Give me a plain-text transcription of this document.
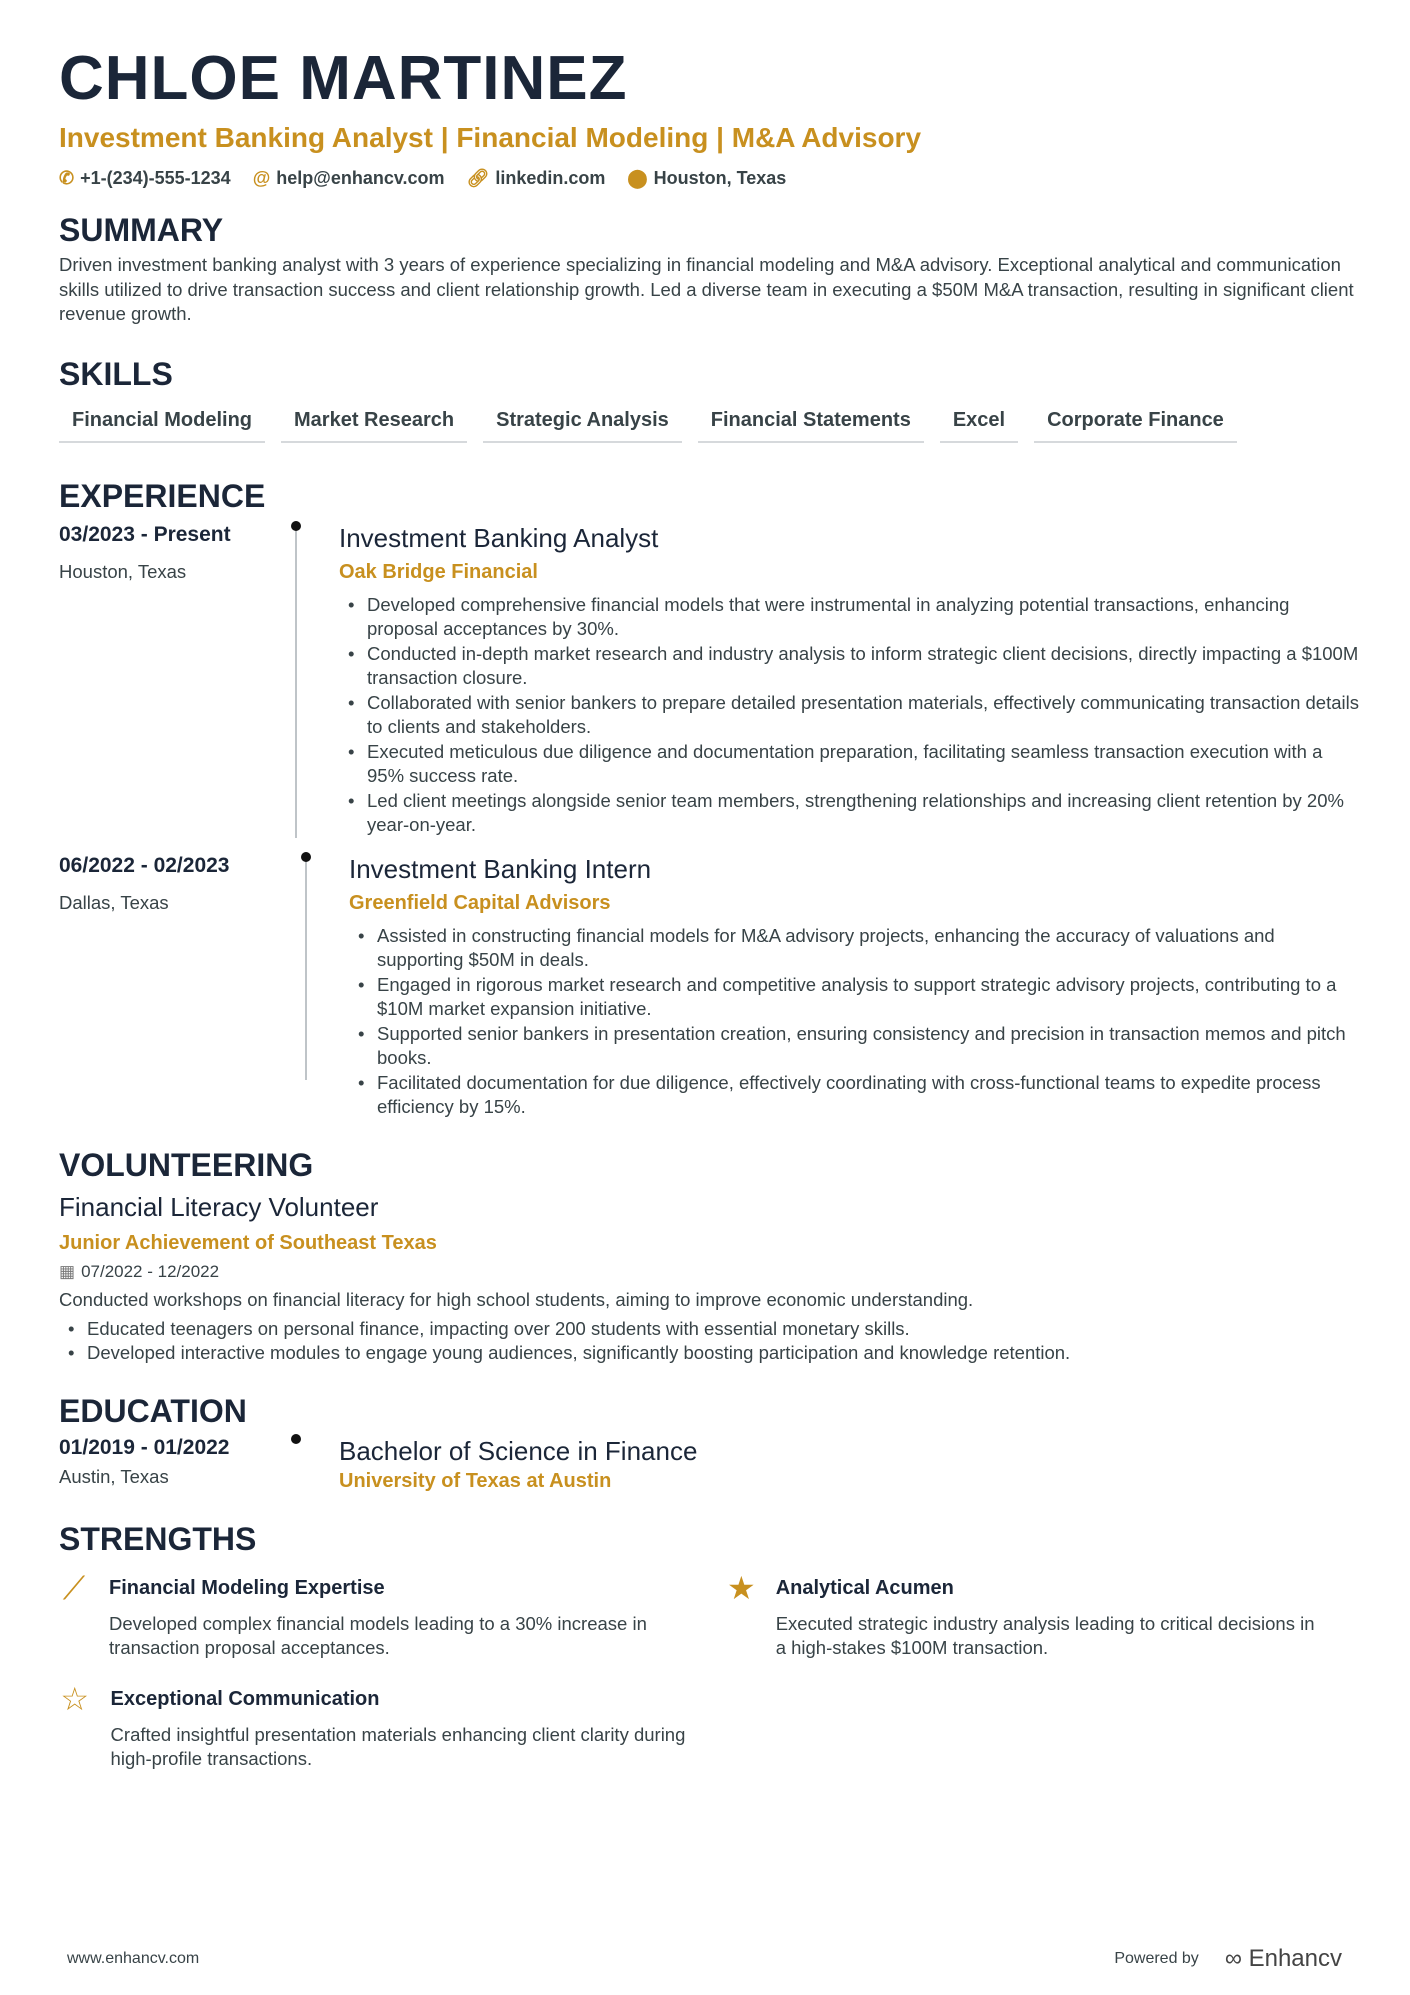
CHLOE MARTINEZ
Investment Banking Analyst | Financial Modeling | M&A Advisory
✆ +1-(234)-555-1234 @ help@enhancv.com 🔗︎ linkedin.com ⬤ Houston, Texas
SUMMARY
Driven investment banking analyst with 3 years of experience specializing in financial modeling and M&A advisory. Exceptional analytical and communication skills utilized to drive transaction success and client relationship growth. Led a diverse team in executing a $50M M&A transaction, resulting in significant client revenue growth.
SKILLS
Financial Modeling	Market Research	Strategic Analysis	Financial Statements	Excel	Corporate Finance
EXPERIENCE
03/2023 - Present
Houston, Texas
Investment Banking Analyst
Oak Bridge Financial
• Developed comprehensive financial models that were instrumental in analyzing potential transactions, enhancing proposal acceptances by 30%.
• Conducted in-depth market research and industry analysis to inform strategic client decisions, directly impacting a $100M transaction closure.
• Collaborated with senior bankers to prepare detailed presentation materials, effectively communicating transaction details to clients and stakeholders.
• Executed meticulous due diligence and documentation preparation, facilitating seamless transaction execution with a 95% success rate.
• Led client meetings alongside senior team members, strengthening relationships and increasing client retention by 20% year-on-year.
06/2022 - 02/2023
Dallas, Texas
Investment Banking Intern
Greenfield Capital Advisors
• Assisted in constructing financial models for M&A advisory projects, enhancing the accuracy of valuations and supporting $50M in deals.
• Engaged in rigorous market research and competitive analysis to support strategic advisory projects, contributing to a $10M market expansion initiative.
• Supported senior bankers in presentation creation, ensuring consistency and precision in transaction memos and pitch books.
• Facilitated documentation for due diligence, effectively coordinating with cross-functional teams to expedite process efficiency by 15%.
VOLUNTEERING
Financial Literacy Volunteer
Junior Achievement of Southeast Texas
▦ 07/2022 - 12/2022
Conducted workshops on financial literacy for high school students, aiming to improve economic understanding.
• Educated teenagers on personal finance, impacting over 200 students with essential monetary skills.
• Developed interactive modules to engage young audiences, significantly boosting participation and knowledge retention.
EDUCATION
01/2019 - 01/2022
Austin, Texas
Bachelor of Science in Finance
University of Texas at Austin
STRENGTHS
⟋ Financial Modeling Expertise
Developed complex financial models leading to a 30% increase in transaction proposal acceptances.
★ Analytical Acumen
Executed strategic industry analysis leading to critical decisions in a high-stakes $100M transaction.
☆ Exceptional Communication
Crafted insightful presentation materials enhancing client clarity during high-profile transactions.
www.enhancv.com	Powered by ∞ Enhancv
